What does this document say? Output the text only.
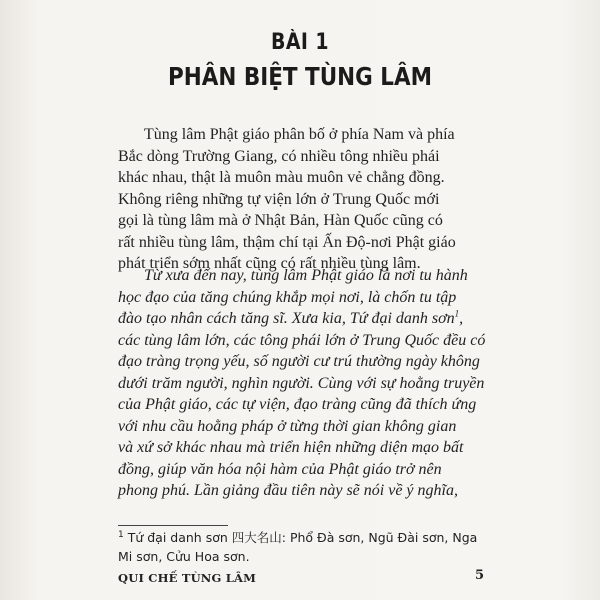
BÀI 1
PHÂN BIỆT TÙNG LÂM
Tùng lâm Phật giáo phân bố ở phía Nam và phía
Bắc dòng Trường Giang, có nhiều tông nhiều phái
khác nhau, thật là muôn màu muôn vẻ chẳng đồng.
Không riêng những tự viện lớn ở Trung Quốc mới
gọi là tùng lâm mà ở Nhật Bản, Hàn Quốc cũng có
rất nhiều tùng lâm, thậm chí tại Ấn Độ-nơi Phật giáo
phát triển sớm nhất cũng có rất nhiều tùng lâm.
Từ xưa đến nay, tùng lâm Phật giáo là nơi tu hành
học đạo của tăng chúng khắp mọi nơi, là chốn tu tập
đào tạo nhân cách tăng sĩ. Xưa kia, Tứ đại danh sơn$^1$,
các tùng lâm lớn, các tông phái lớn ở Trung Quốc đều có
đạo tràng trọng yếu, số người cư trú thường ngày không
dưới trăm người, nghìn người. Cùng với sự hoằng truyền
của Phật giáo, các tự viện, đạo tràng cũng đã thích ứng
với nhu cầu hoằng pháp ở từng thời gian không gian
và xứ sở khác nhau mà triển hiện những diện mạo bất
đồng, giúp văn hóa nội hàm của Phật giáo trở nên
phong phú. Lần giảng đầu tiên này sẽ nói về ý nghĩa,
$^1$ Tứ đại danh sơn 四大名山: Phổ Đà sơn, Ngũ Đài sơn, Nga
Mi sơn, Cửu Hoa sơn.
QUI CHẾ TÙNG LÂM	5
